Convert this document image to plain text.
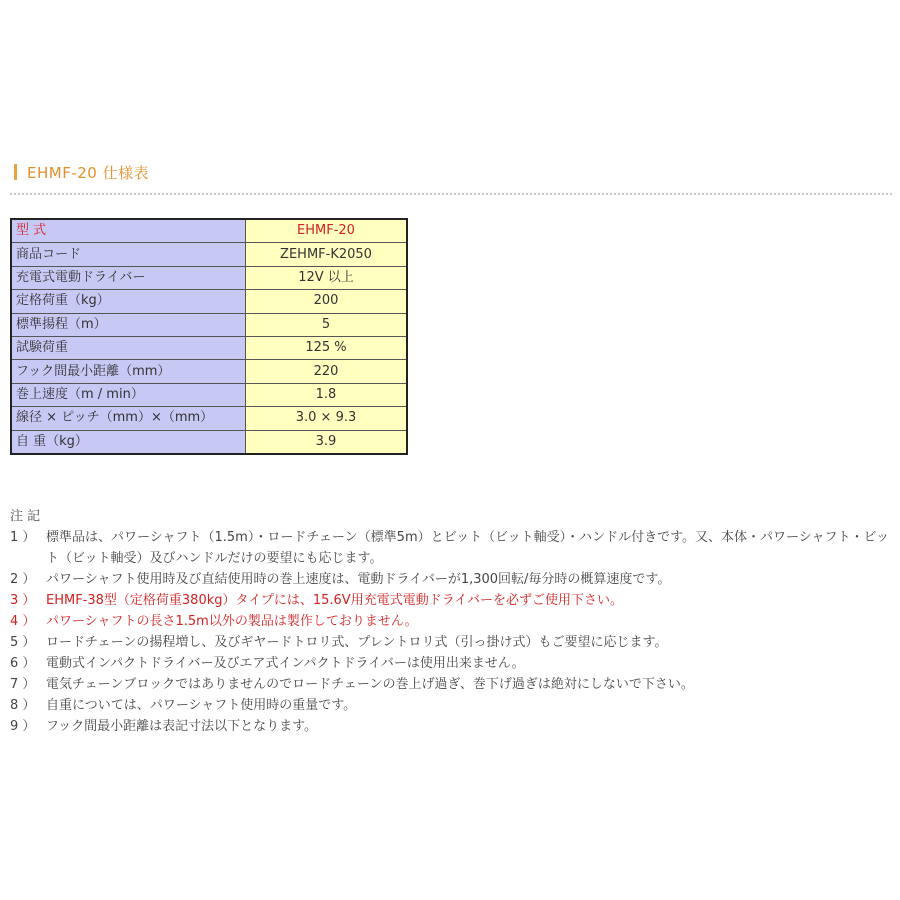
EHMF-20 仕様表
型 式	EHMF-20
商品コード	ZEHMF-K2050
充電式電動ドライバー	12V 以上
定格荷重（kg）	200
標準揚程（m）	5
試験荷重	125 %
フック間最小距離（mm）	220
巻上速度（m / min）	1.8
線径 × ピッチ（mm）×（mm）	3.0 × 9.3
自 重（kg）	3.9
注 記
1 ） 標準品は、パワーシャフト（1.5m）・ロードチェーン（標準5m）とビット（ビット軸受）・ハンドル付きです。又、本体・パワーシャフト・ビット（ビット軸受）及びハンドルだけの要望にも応じます。
2 ） パワーシャフト使用時及び直結使用時の巻上速度は、電動ドライバーが1,300回転/毎分時の概算速度です。
3 ） EHMF-38型（定格荷重380kg）タイプには、15.6V用充電式電動ドライバーを必ずご使用下さい。
4 ） パワーシャフトの長さ1.5m以外の製品は製作しておりません。
5 ） ロードチェーンの揚程増し、及びギヤードトロリ式、プレントロリ式（引っ掛け式）もご要望に応じます。
6 ） 電動式インパクトドライバー及びエア式インパクトドライバーは使用出来ません。
7 ） 電気チェーンブロックではありませんのでロードチェーンの巻上げ過ぎ、巻下げ過ぎは絶対にしないで下さい。
8 ） 自重については、パワーシャフト使用時の重量です。
9 ） フック間最小距離は表記寸法以下となります。
